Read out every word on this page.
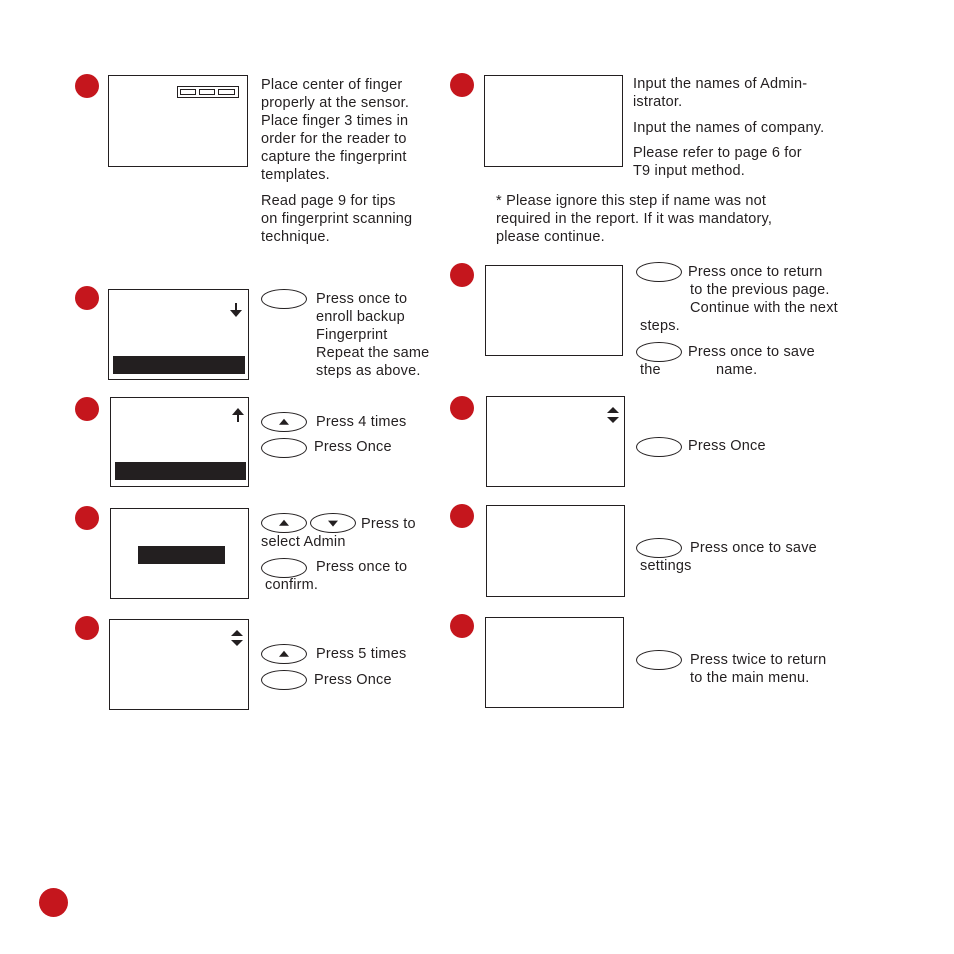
Place center of finger
properly at the sensor.
Place finger 3 times in
order for the reader to
capture the fingerprint
templates.
Read page 9 for tips
on fingerprint scanning
technique.
Press once to
enroll backup
Fingerprint
Repeat the same
steps as above.
Press 4 times
Press Once
Press to
select Admin
Press once to
confirm.
Press 5 times
Press Once
Input the names of Admin-
istrator.
Input the names of company.
Please refer to page 6 for
T9 input method.
* Please ignore this step if name was not
required in the report. If it was mandatory,
please continue.
Press once to return
to the previous page.
Continue with the next
steps.
Press once to save
the	name.
Press Once
Press once to save
settings
Press twice to return
to the main menu.
